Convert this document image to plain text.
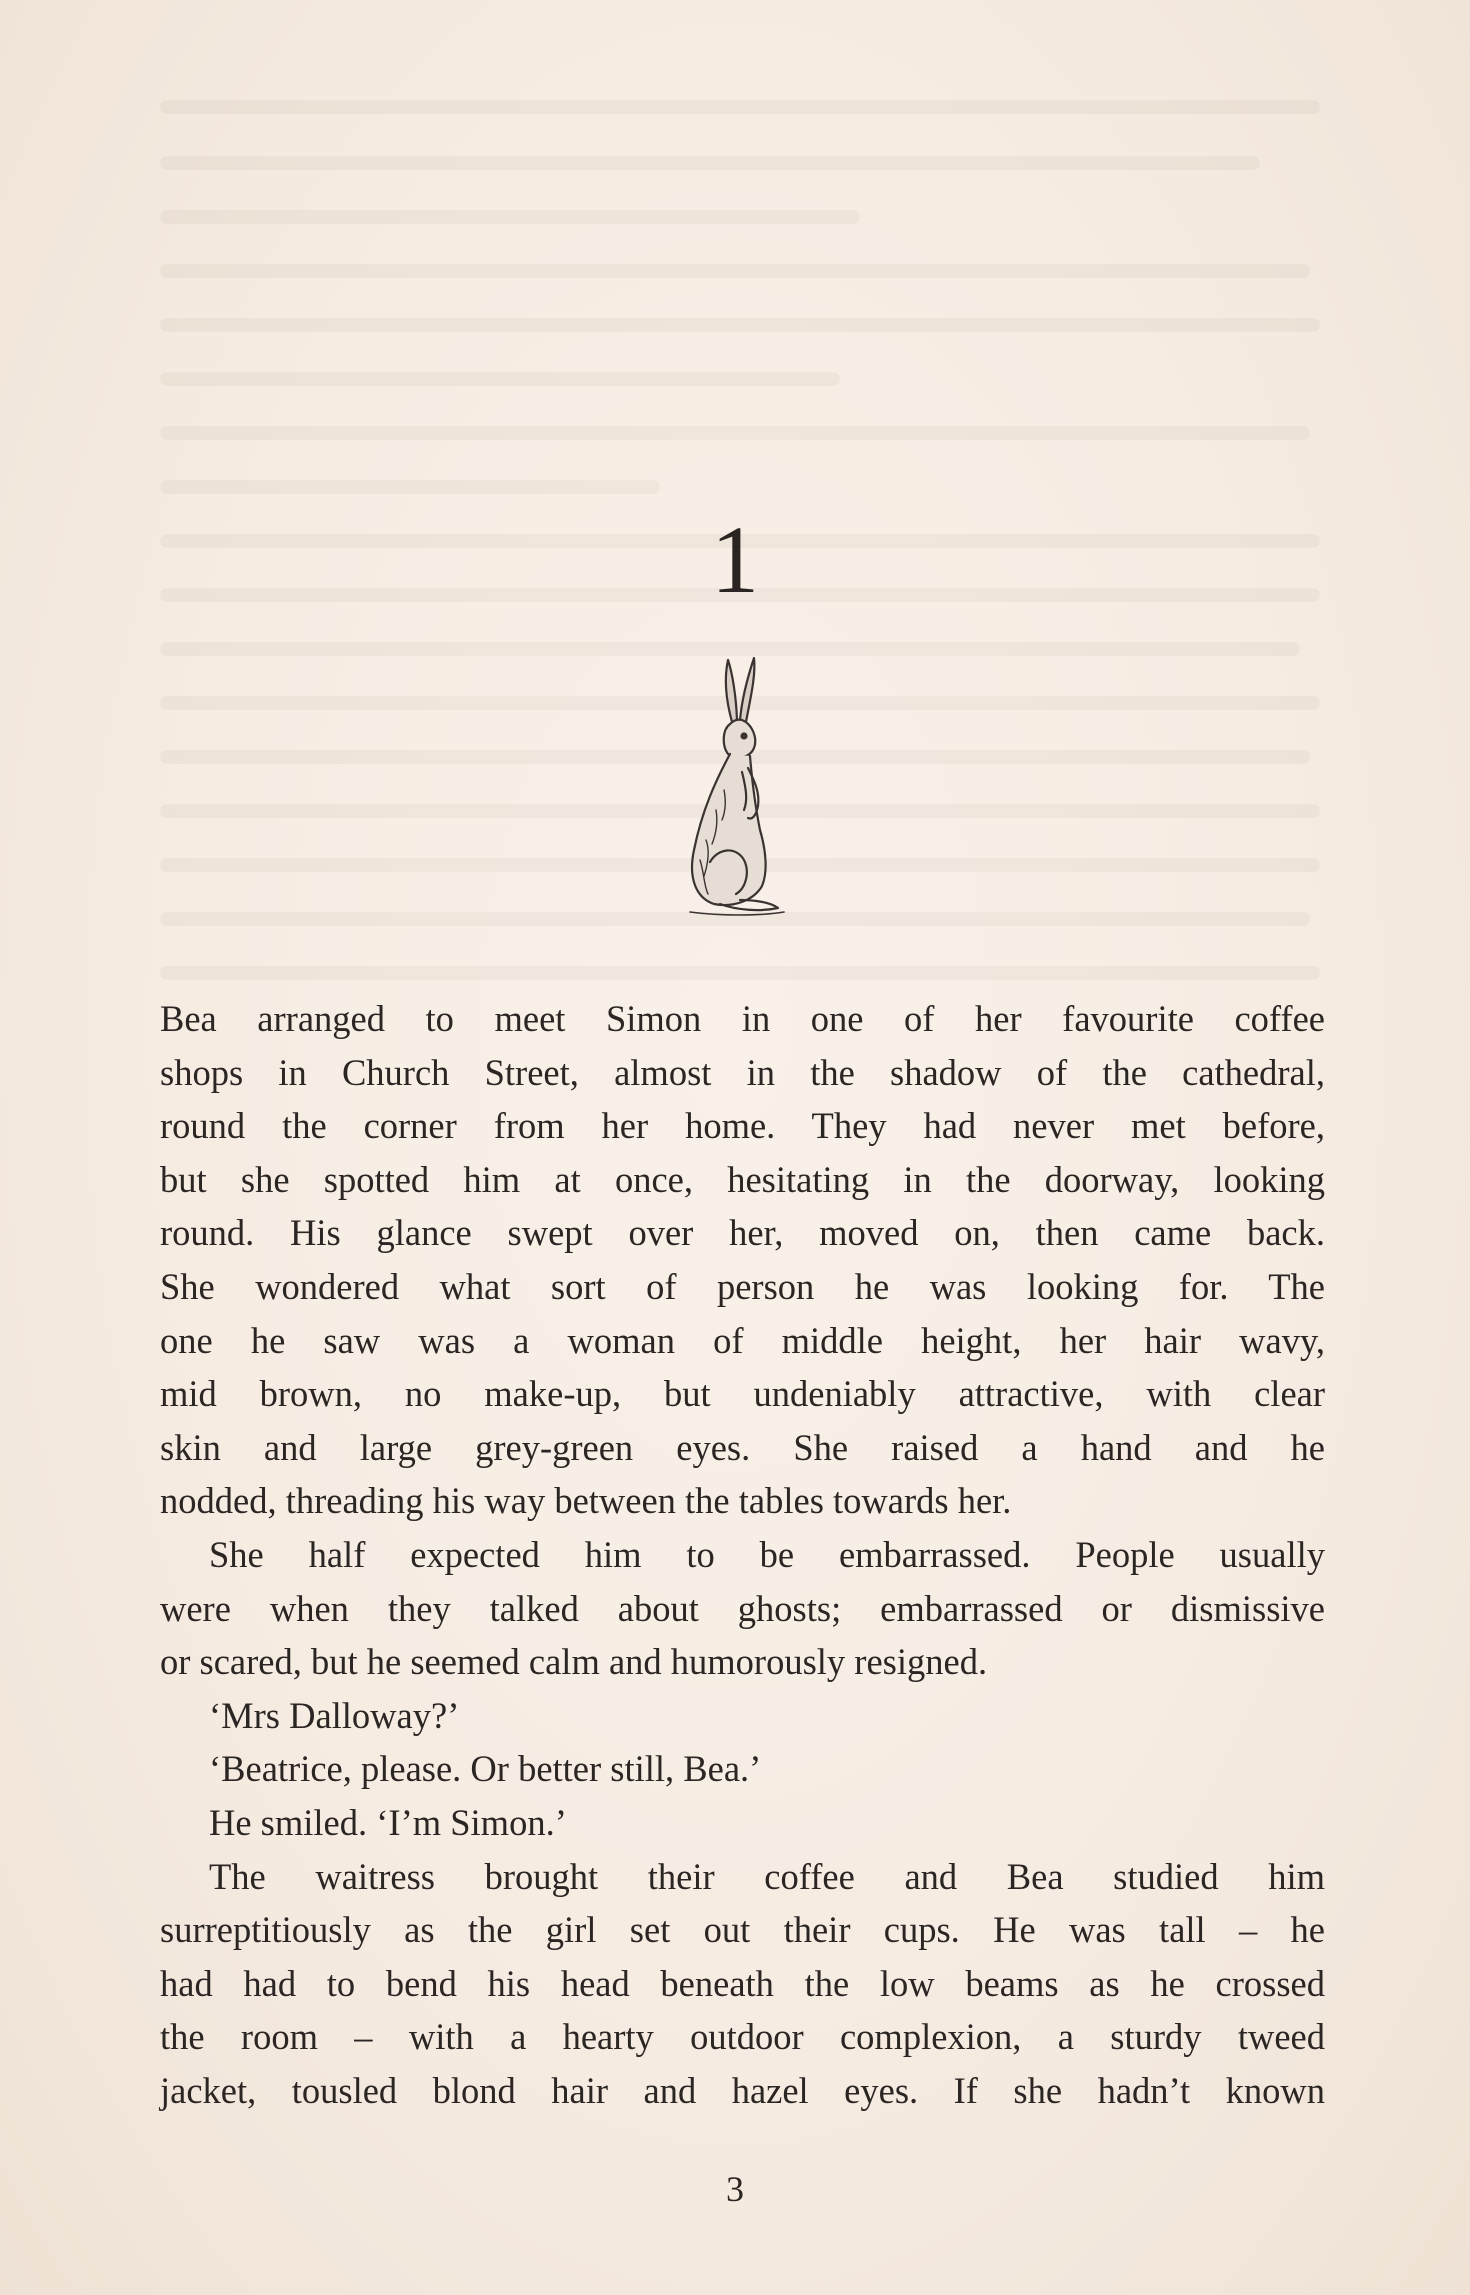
1
Bea arranged to meet Simon in one of her favourite coffee
shops in Church Street, almost in the shadow of the cathedral,
round the corner from her home. They had never met before,
but she spotted him at once, hesitating in the doorway, looking
round. His glance swept over her, moved on, then came back.
She wondered what sort of person he was looking for. The
one he saw was a woman of middle height, her hair wavy,
mid brown, no make-up, but undeniably attractive, with clear
skin and large grey-green eyes. She raised a hand and he
nodded, threading his way between the tables towards her.
She half expected him to be embarrassed. People usually
were when they talked about ghosts; embarrassed or dismissive
or scared, but he seemed calm and humorously resigned.
‘Mrs Dalloway?’
‘Beatrice, please. Or better still, Bea.’
He smiled. ‘I’m Simon.’
The waitress brought their coffee and Bea studied him
surreptitiously as the girl set out their cups. He was tall – he
had had to bend his head beneath the low beams as he crossed
the room – with a hearty outdoor complexion, a sturdy tweed
jacket, tousled blond hair and hazel eyes. If she hadn’t known
3
